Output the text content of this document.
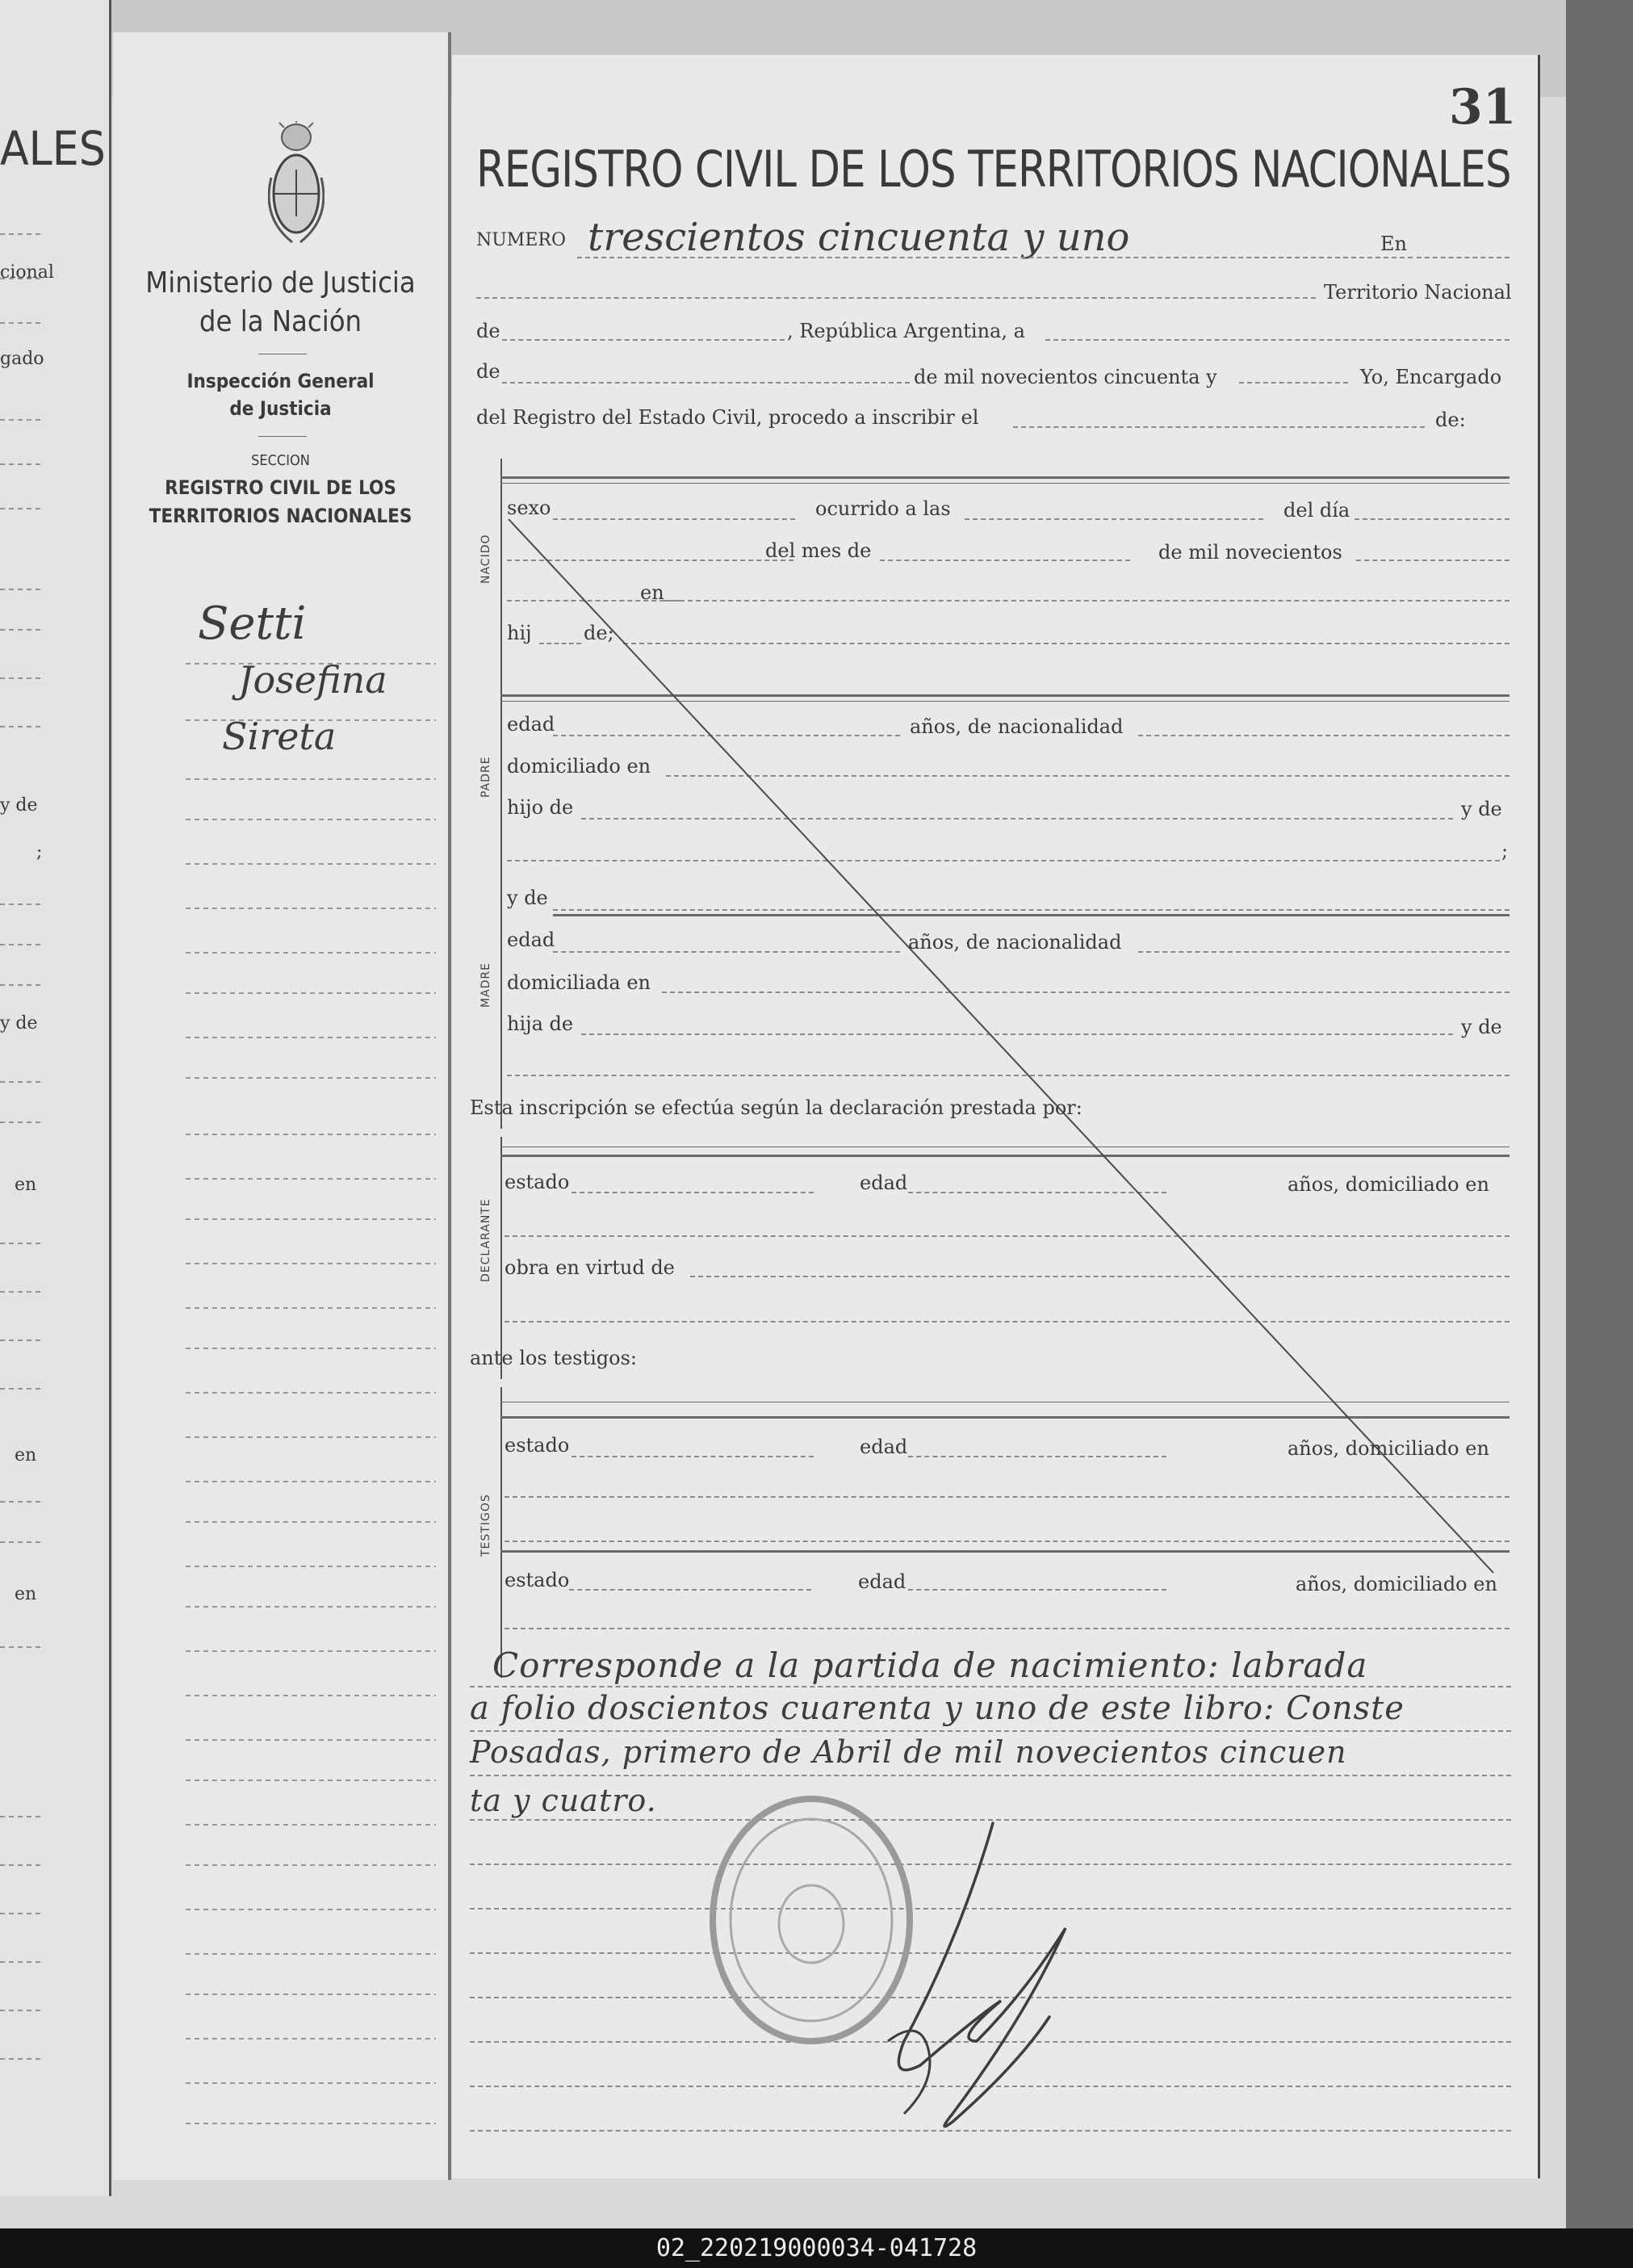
ALES
cional
gado
y de
;
y de
en
en
en
Ministerio de Justicia
de la Nación
Inspección General
de Justicia
SECCION
REGISTRO CIVIL DE LOS
TERRITORIOS NACIONALES
Setti
Josefina
Sireta
31
REGISTRO CIVIL DE LOS TERRITORIOS NACIONALES
NUMERO trescientos cincuenta y uno	En
Territorio Nacional
de	, República Argentina, a
de	de mil novecientos cincuenta y	Yo, Encargado
del Registro del Estado Civil, procedo a inscribir el	de:
NACIDO
sexo	ocurrido a las	del día
del mes de	de mil novecientos
en
hij	de;
PADRE
edad	años, de nacionalidad
domiciliado en
hijo de	y de
;
MADRE
y de
edad	años, de nacionalidad
domiciliada en
hija de	y de
Esta inscripción se efectúa según la declaración prestada por:
DECLARANTE
estado	edad	años, domiciliado en
obra en virtud de
ante los testigos:
TESTIGOS
estado	edad	años, domiciliado en
estado	edad	años, domiciliado en
Corresponde a la partida de nacimiento: labrada
a folio doscientos cuarenta y uno de este libro: Conste
Posadas, primero de Abril de mil novecientos cincuen
ta y cuatro.
02_220219000034-041728
